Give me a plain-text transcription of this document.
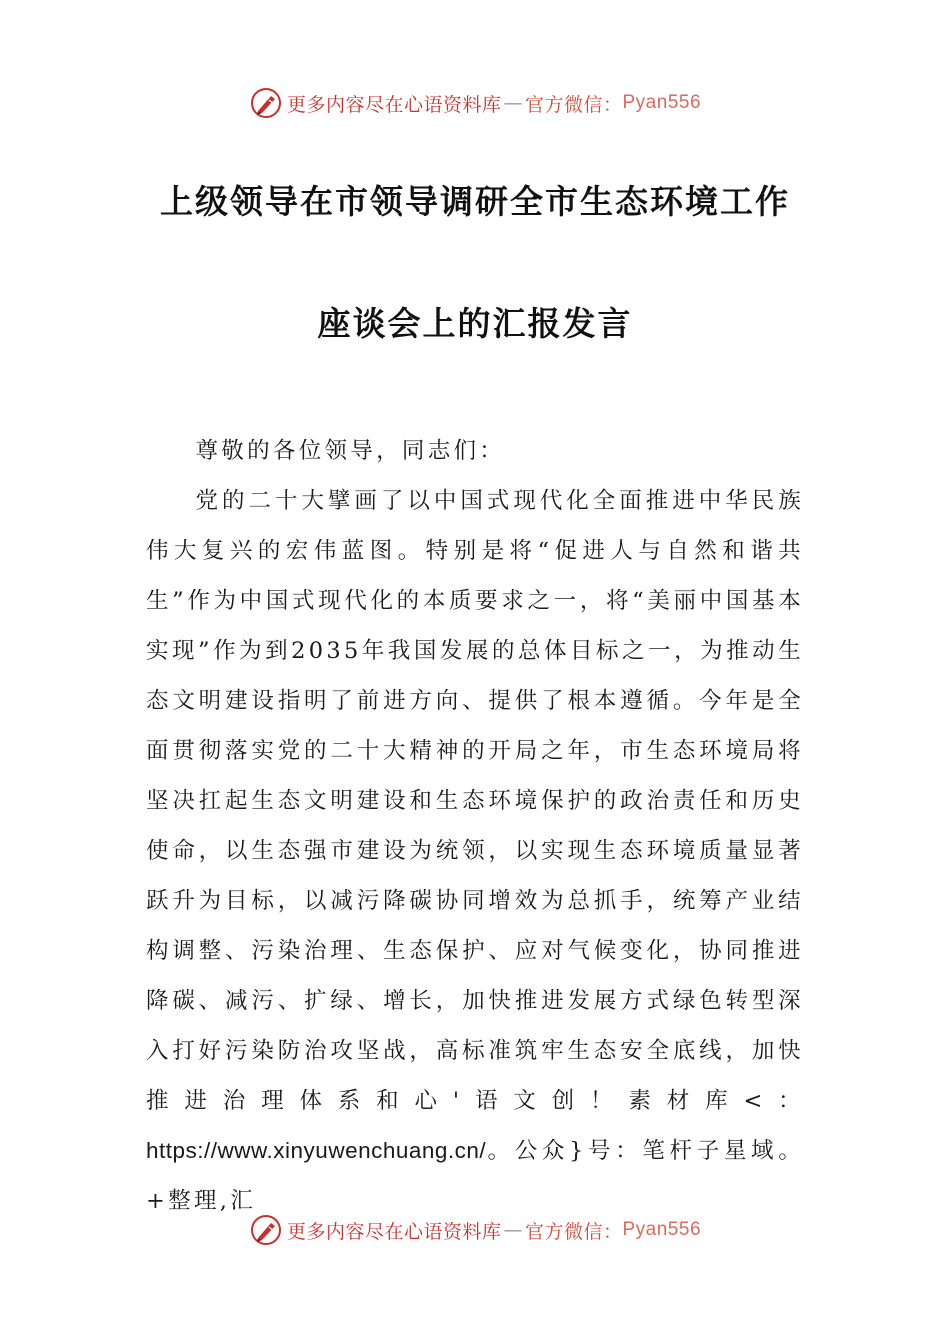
更多内容尽在心语资料库 — 官方微信： Pyan556
上级领导在市领导调研全市生态环境工作
座谈会上的汇报发言

尊敬的各位领导，同志们：

党的二十大擘画了以中国式现代化全面推进中华民族伟大复兴的宏伟蓝图。特别是将“促进人与自然和谐共生”作为中国式现代化的本质要求之一，将“美丽中国基本实现”作为到2035年我国发展的总体目标之一，为推动生态文明建设指明了前进方向、提供了根本遵循。今年是全面贯彻落实党的二十大精神的开局之年，市生态环境局将坚决扛起生态文明建设和生态环境保护的政治责任和历史使命，以生态强市建设为统领，以实现生态环境质量显著跃升为目标，以减污降碳协同增效为总抓手，统筹产业结构调整、污染治理、生态保护、应对气候变化，协同推进降碳、减污、扩绿、增长，加快推进发展方式绿色转型深入打好污染防治攻坚战，高标准筑牢生态安全底线，加快推进治理体系和心'语文创！素材库<：https://www.xinyuwenchuang.cn/。公众}号：笔杆子星域。+整理,汇

更多内容尽在心语资料库 — 官方微信： Pyan556
